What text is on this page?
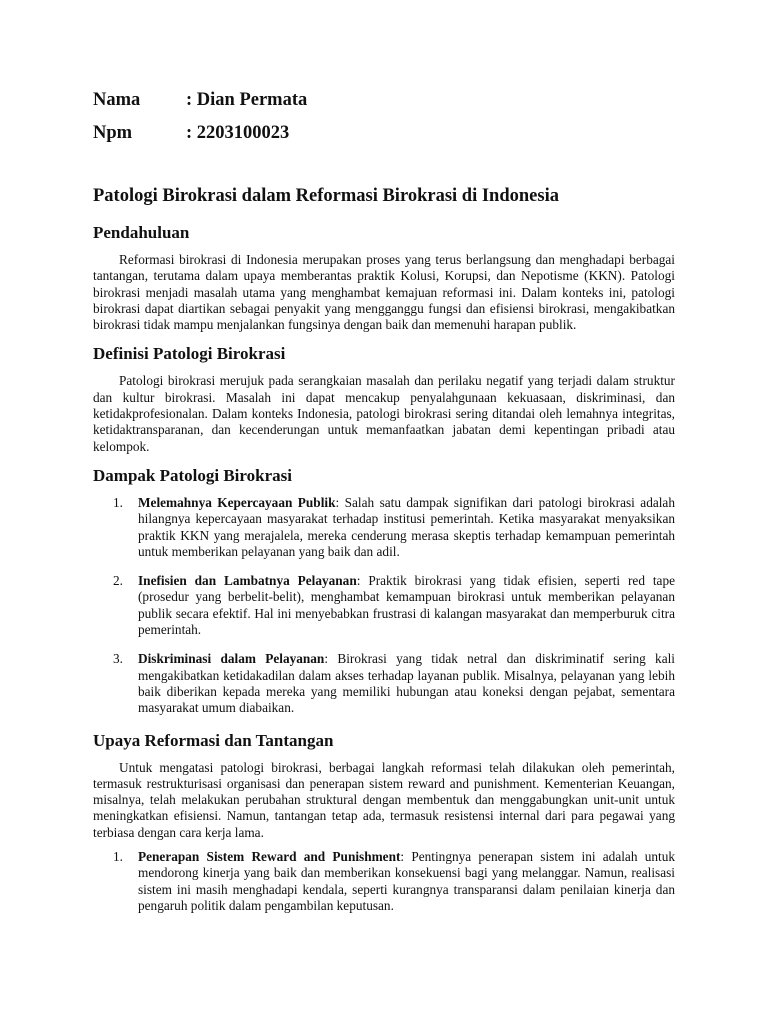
Nama	: Dian Permata
Npm	: 2203100023
Patologi Birokrasi dalam Reformasi Birokrasi di Indonesia
Pendahuluan

Reformasi birokrasi di Indonesia merupakan proses yang terus berlangsung dan menghadapi berbagai tantangan, terutama dalam upaya memberantas praktik Kolusi, Korupsi, dan Nepotisme (KKN). Patologi birokrasi menjadi masalah utama yang menghambat kemajuan reformasi ini. Dalam konteks ini, patologi birokrasi dapat diartikan sebagai penyakit yang mengganggu fungsi dan efisiensi birokrasi, mengakibatkan birokrasi tidak mampu menjalankan fungsinya dengan baik dan memenuhi harapan publik.

Definisi Patologi Birokrasi

Patologi birokrasi merujuk pada serangkaian masalah dan perilaku negatif yang terjadi dalam struktur dan kultur birokrasi. Masalah ini dapat mencakup penyalahgunaan kekuasaan, diskriminasi, dan ketidakprofesionalan. Dalam konteks Indonesia, patologi birokrasi sering ditandai oleh lemahnya integritas, ketidaktransparanan, dan kecenderungan untuk memanfaatkan jabatan demi kepentingan pribadi atau kelompok.

Dampak Patologi Birokrasi
1. Melemahnya Kepercayaan Publik: Salah satu dampak signifikan dari patologi birokrasi adalah hilangnya kepercayaan masyarakat terhadap institusi pemerintah. Ketika masyarakat menyaksikan praktik KKN yang merajalela, mereka cenderung merasa skeptis terhadap kemampuan pemerintah untuk memberikan pelayanan yang baik dan adil.
2. Inefisien dan Lambatnya Pelayanan: Praktik birokrasi yang tidak efisien, seperti red tape (prosedur yang berbelit-belit), menghambat kemampuan birokrasi untuk memberikan pelayanan publik secara efektif. Hal ini menyebabkan frustrasi di kalangan masyarakat dan memperburuk citra pemerintah.
3. Diskriminasi dalam Pelayanan: Birokrasi yang tidak netral dan diskriminatif sering kali mengakibatkan ketidakadilan dalam akses terhadap layanan publik. Misalnya, pelayanan yang lebih baik diberikan kepada mereka yang memiliki hubungan atau koneksi dengan pejabat, sementara masyarakat umum diabaikan.
Upaya Reformasi dan Tantangan

Untuk mengatasi patologi birokrasi, berbagai langkah reformasi telah dilakukan oleh pemerintah, termasuk restrukturisasi organisasi dan penerapan sistem reward and punishment. Kementerian Keuangan, misalnya, telah melakukan perubahan struktural dengan membentuk dan menggabungkan unit-unit untuk meningkatkan efisiensi. Namun, tantangan tetap ada, termasuk resistensi internal dari para pegawai yang terbiasa dengan cara kerja lama.

1. Penerapan Sistem Reward and Punishment: Pentingnya penerapan sistem ini adalah untuk mendorong kinerja yang baik dan memberikan konsekuensi bagi yang melanggar. Namun, realisasi sistem ini masih menghadapi kendala, seperti kurangnya transparansi dalam penilaian kinerja dan pengaruh politik dalam pengambilan keputusan.
